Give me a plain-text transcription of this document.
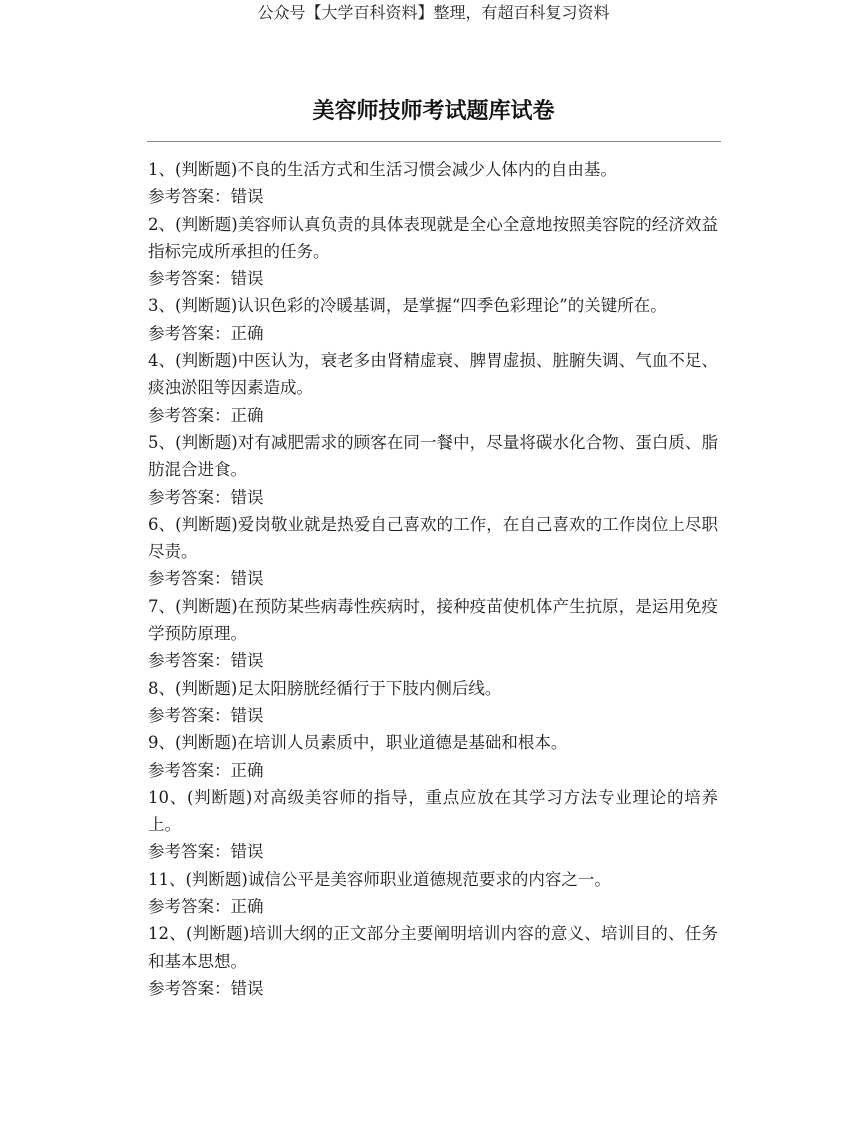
公众号【大学百科资料】整理，有超百科复习资料
美容师技师考试题库试卷

1、(判断题)不良的生活方式和生活习惯会减少人体内的自由基。

参考答案：错误

2、(判断题)美容师认真负责的具体表现就是全心全意地按照美容院的经济效益指标完成所承担的任务。

参考答案：错误

3、(判断题)认识色彩的冷暖基调，是掌握“四季色彩理论”的关键所在。

参考答案：正确

4、(判断题)中医认为，衰老多由肾精虚衰、脾胃虚损、脏腑失调、气血不足、痰浊淤阻等因素造成。

参考答案：正确

5、(判断题)对有减肥需求的顾客在同一餐中，尽量将碳水化合物、蛋白质、脂肪混合进食。

参考答案：错误

6、(判断题)爱岗敬业就是热爱自己喜欢的工作，在自己喜欢的工作岗位上尽职尽责。

参考答案：错误

7、(判断题)在预防某些病毒性疾病时，接种疫苗使机体产生抗原，是运用免疫学预防原理。

参考答案：错误

8、(判断题)足太阳膀胱经循行于下肢内侧后线。

参考答案：错误

9、(判断题)在培训人员素质中，职业道德是基础和根本。

参考答案：正确

10、(判断题)对高级美容师的指导，重点应放在其学习方法专业理论的培养上。

参考答案：错误

11、(判断题)诚信公平是美容师职业道德规范要求的内容之一。

参考答案：正确

12、(判断题)培训大纲的正文部分主要阐明培训内容的意义、培训目的、任务和基本思想。

参考答案：错误
